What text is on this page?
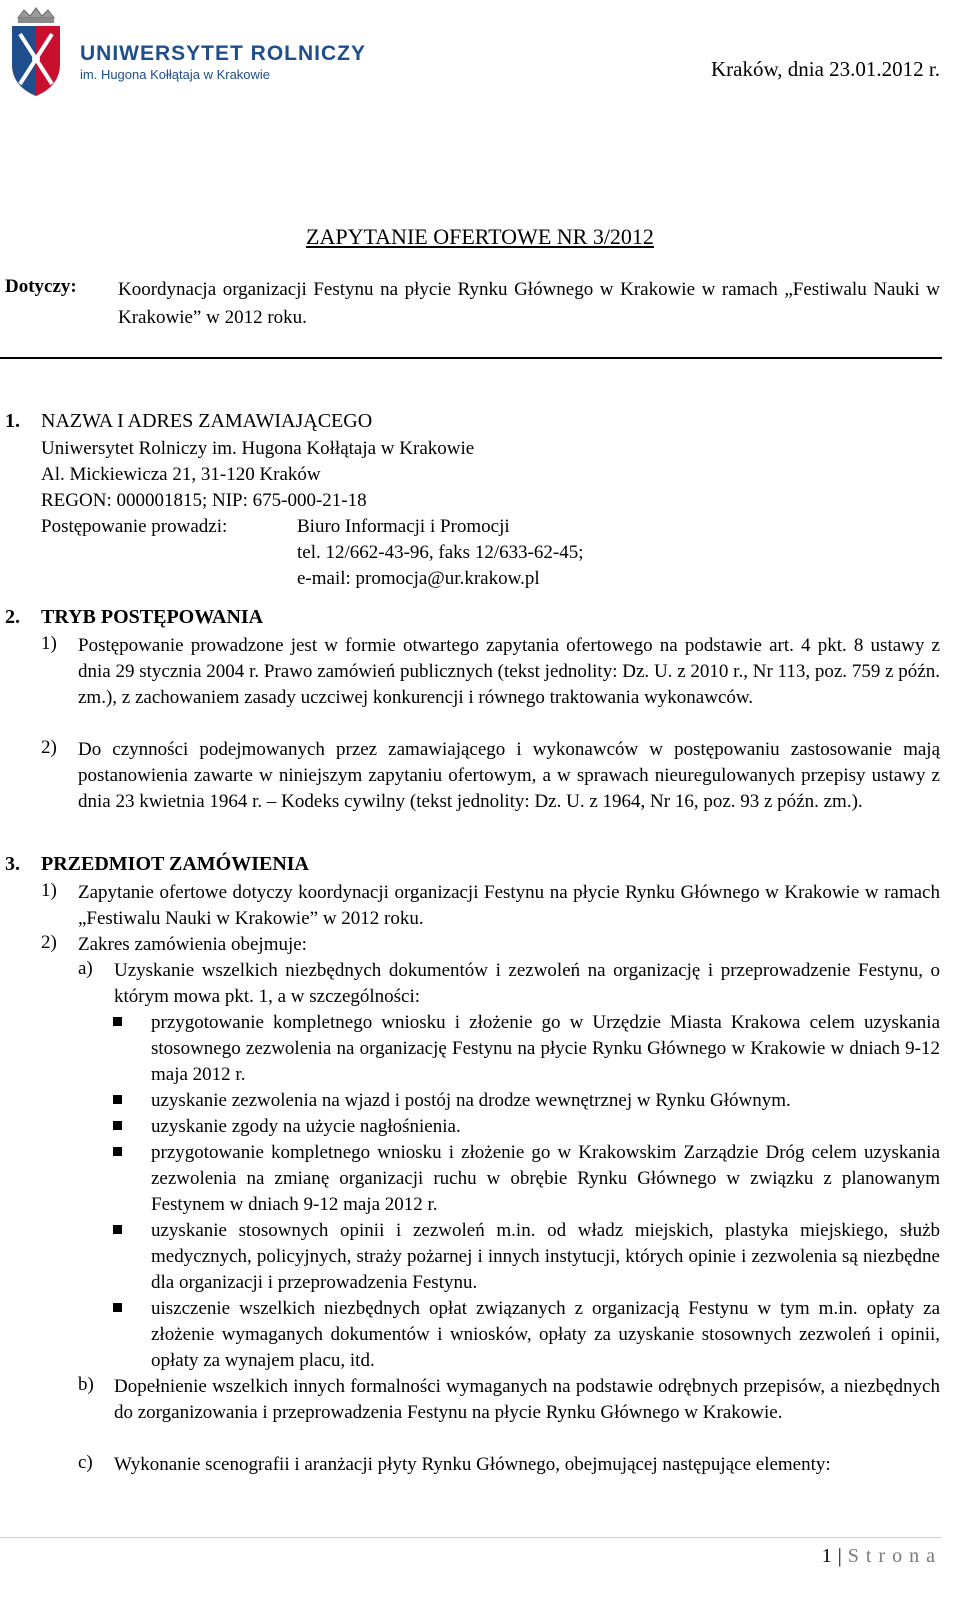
UNIWERSYTET ROLNICZY
im. Hugona Kołłątaja w Krakowie	Kraków, dnia 23.01.2012 r.
ZAPYTANIE OFERTOWE NR 3/2012
Dotyczy: Koordynacja organizacji Festynu na płycie Rynku Głównego w Krakowie w ramach „Festiwalu Nauki w Krakowie” w 2012 roku.
1. NAZWA I ADRES ZAMAWIAJĄCEGO
Uniwersytet Rolniczy im. Hugona Kołłątaja w Krakowie
Al. Mickiewicza 21, 31-120 Kraków
REGON: 000001815; NIP: 675-000-21-18
Postępowanie prowadzi:	Biuro Informacji i Promocji
tel. 12/662-43-96, faks 12/633-62-45;
e-mail: promocja@ur.krakow.pl
2. TRYB POSTĘPOWANIA
1) Postępowanie prowadzone jest w formie otwartego zapytania ofertowego na podstawie art. 4 pkt. 8 ustawy z dnia 29 stycznia 2004 r. Prawo zamówień publicznych (tekst jednolity: Dz. U. z 2010 r., Nr 113, poz. 759 z późn. zm.), z zachowaniem zasady uczciwej konkurencji i równego traktowania wykonawców.
2) Do czynności podejmowanych przez zamawiającego i wykonawców w postępowaniu zastosowanie mają postanowienia zawarte w niniejszym zapytaniu ofertowym, a w sprawach nieuregulowanych przepisy ustawy z dnia 23 kwietnia 1964 r. – Kodeks cywilny (tekst jednolity: Dz. U. z 1964, Nr 16, poz. 93 z późn. zm.).
3. PRZEDMIOT ZAMÓWIENIA
1) Zapytanie ofertowe dotyczy koordynacji organizacji Festynu na płycie Rynku Głównego w Krakowie w ramach „Festiwalu Nauki w Krakowie” w 2012 roku.
2) Zakres zamówienia obejmuje:
a) Uzyskanie wszelkich niezbędnych dokumentów i zezwoleń na organizację i przeprowadzenie Festynu, o którym mowa pkt. 1, a w szczególności:
przygotowanie kompletnego wniosku i złożenie go w Urzędzie Miasta Krakowa celem uzyskania stosownego zezwolenia na organizację Festynu na płycie Rynku Głównego w Krakowie w dniach 9-12 maja 2012 r.
uzyskanie zezwolenia na wjazd i postój na drodze wewnętrznej w Rynku Głównym.
uzyskanie zgody na użycie nagłośnienia.
przygotowanie kompletnego wniosku i złożenie go w Krakowskim Zarządzie Dróg celem uzyskania zezwolenia na zmianę organizacji ruchu w obrębie Rynku Głównego w związku z planowanym Festynem w dniach 9-12 maja 2012 r.
uzyskanie stosownych opinii i zezwoleń m.in. od władz miejskich, plastyka miejskiego, służb medycznych, policyjnych, straży pożarnej i innych instytucji, których opinie i zezwolenia są niezbędne dla organizacji i przeprowadzenia Festynu.
uiszczenie wszelkich niezbędnych opłat związanych z organizacją Festynu w tym m.in. opłaty za złożenie wymaganych dokumentów i wniosków, opłaty za uzyskanie stosownych zezwoleń i opinii, opłaty za wynajem placu, itd.
b) Dopełnienie wszelkich innych formalności wymaganych na podstawie odrębnych przepisów, a niezbędnych do zorganizowania i przeprowadzenia Festynu na płycie Rynku Głównego w Krakowie.
c) Wykonanie scenografii i aranżacji płyty Rynku Głównego, obejmującej następujące elementy:
1 | Strona
